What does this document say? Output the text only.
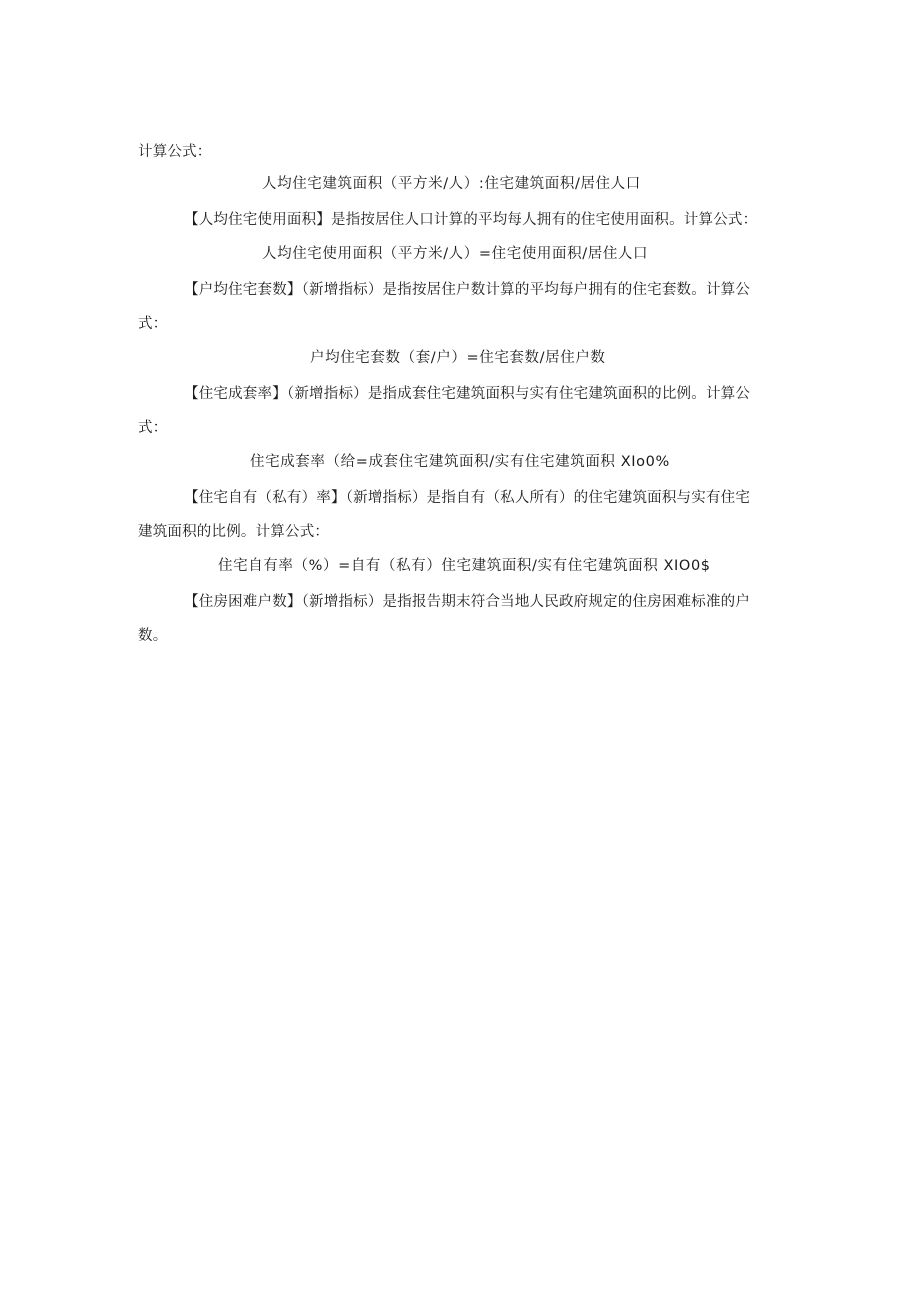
计算公式：
人均住宅建筑面积（平方米/人）:住宅建筑面积/居住人口
【人均住宅使用面积】是指按居住人口计算的平均每人拥有的住宅使用面积。计算公式：
人均住宅使用面积（平方米/人）=住宅使用面积/居住人口
【户均住宅套数】（新增指标）是指按居住户数计算的平均每户拥有的住宅套数。计算公
式：
户均住宅套数（套/户）=住宅套数/居住户数
【住宅成套率】（新增指标）是指成套住宅建筑面积与实有住宅建筑面积的比例。计算公
式：
住宅成套率（给=成套住宅建筑面积/实有住宅建筑面积 XIo0%
【住宅自有（私有）率】（新增指标）是指自有（私人所有）的住宅建筑面积与实有住宅
建筑面积的比例。计算公式：
住宅自有率（%）=自有（私有）住宅建筑面积/实有住宅建筑面积 XIO0$
【住房困难户数】（新增指标）是指报告期末符合当地人民政府规定的住房困难标准的户
数。
